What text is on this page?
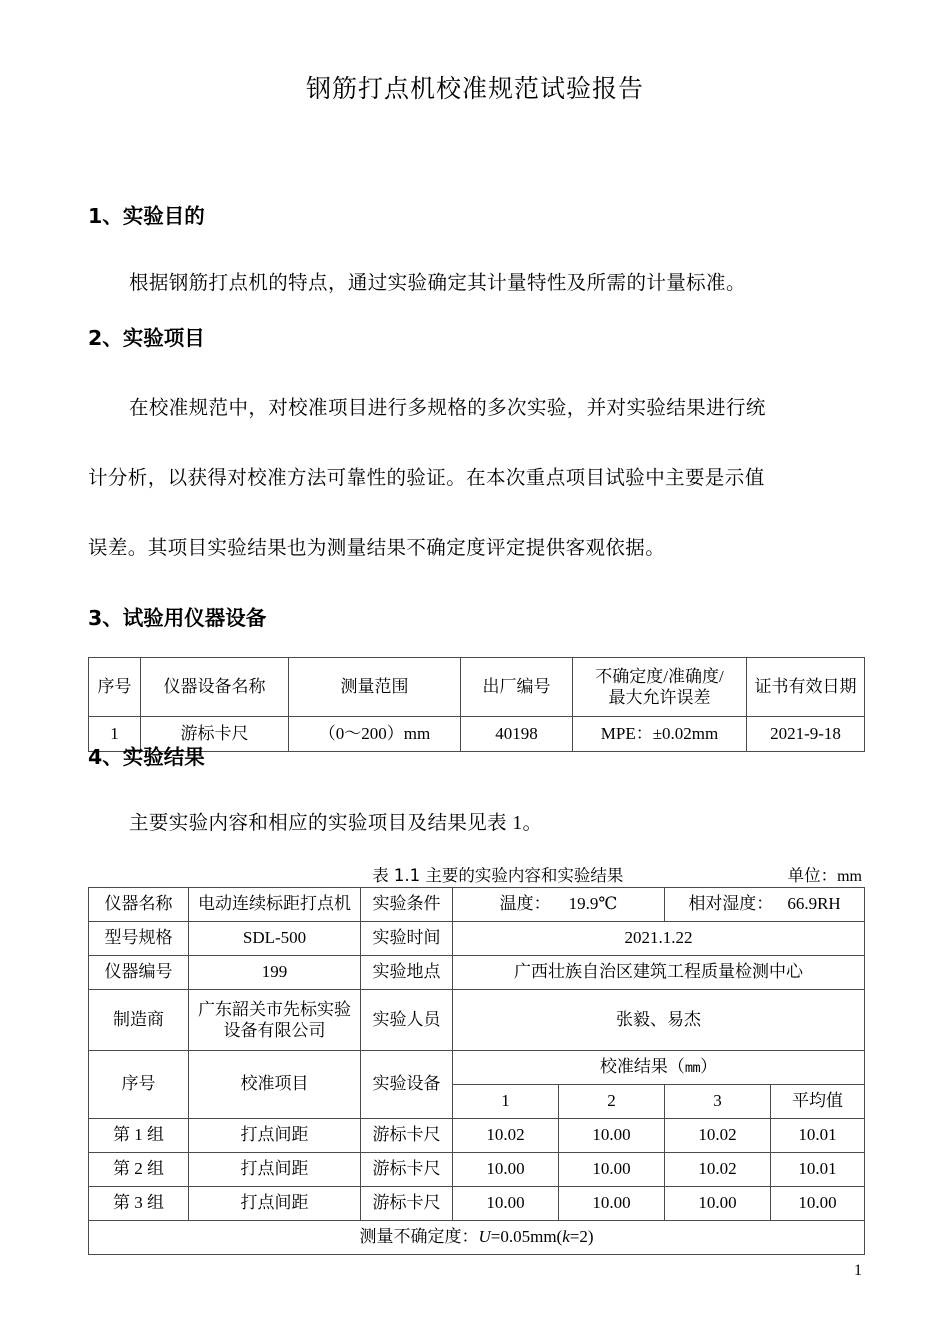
钢筋打点机校准规范试验报告
1、实验目的

根据钢筋打点机的特点，通过实验确定其计量特性及所需的计量标准。

2、实验项目

在校准规范中，对校准项目进行多规格的多次实验，并对实验结果进行统

计分析，以获得对校准方法可靠性的验证。在本次重点项目试验中主要是示值

误差。其项目实验结果也为测量结果不确定度评定提供客观依据。

3、试验用仪器设备
序号	仪器设备名称	测量范围	出厂编号	不确定度/准确度/
最大允许误差	证书有效日期
1	游标卡尺	（0～200）mm	40198	MPE：±0.02mm	2021-9-18
4、实验结果

主要实验内容和相应的实验项目及结果见表 1。

表 1.1 主要的实验内容和实验结果	单位：mm
仪器名称	电动连续标距打点机	实验条件	温度： 19.9℃		相对湿度： 66.9RH	
型号规格	SDL-500	实验时间	2021.1.22			
仪器编号	199	实验地点	广西壮族自治区建筑工程质量检测中心			
制造商	广东韶关市先标实验
设备有限公司	实验人员	张毅、易杰			
序号	校准项目	实验设备	校准结果（mm）			
			1	2	3	平均值
第 1 组	打点间距	游标卡尺	10.02	10.00	10.02	10.01
第 2 组	打点间距	游标卡尺	10.00	10.00	10.02	10.01
第 3 组	打点间距	游标卡尺	10.00	10.00	10.00	10.00
测量不确定度：U=0.05mm(k=2)						
1
